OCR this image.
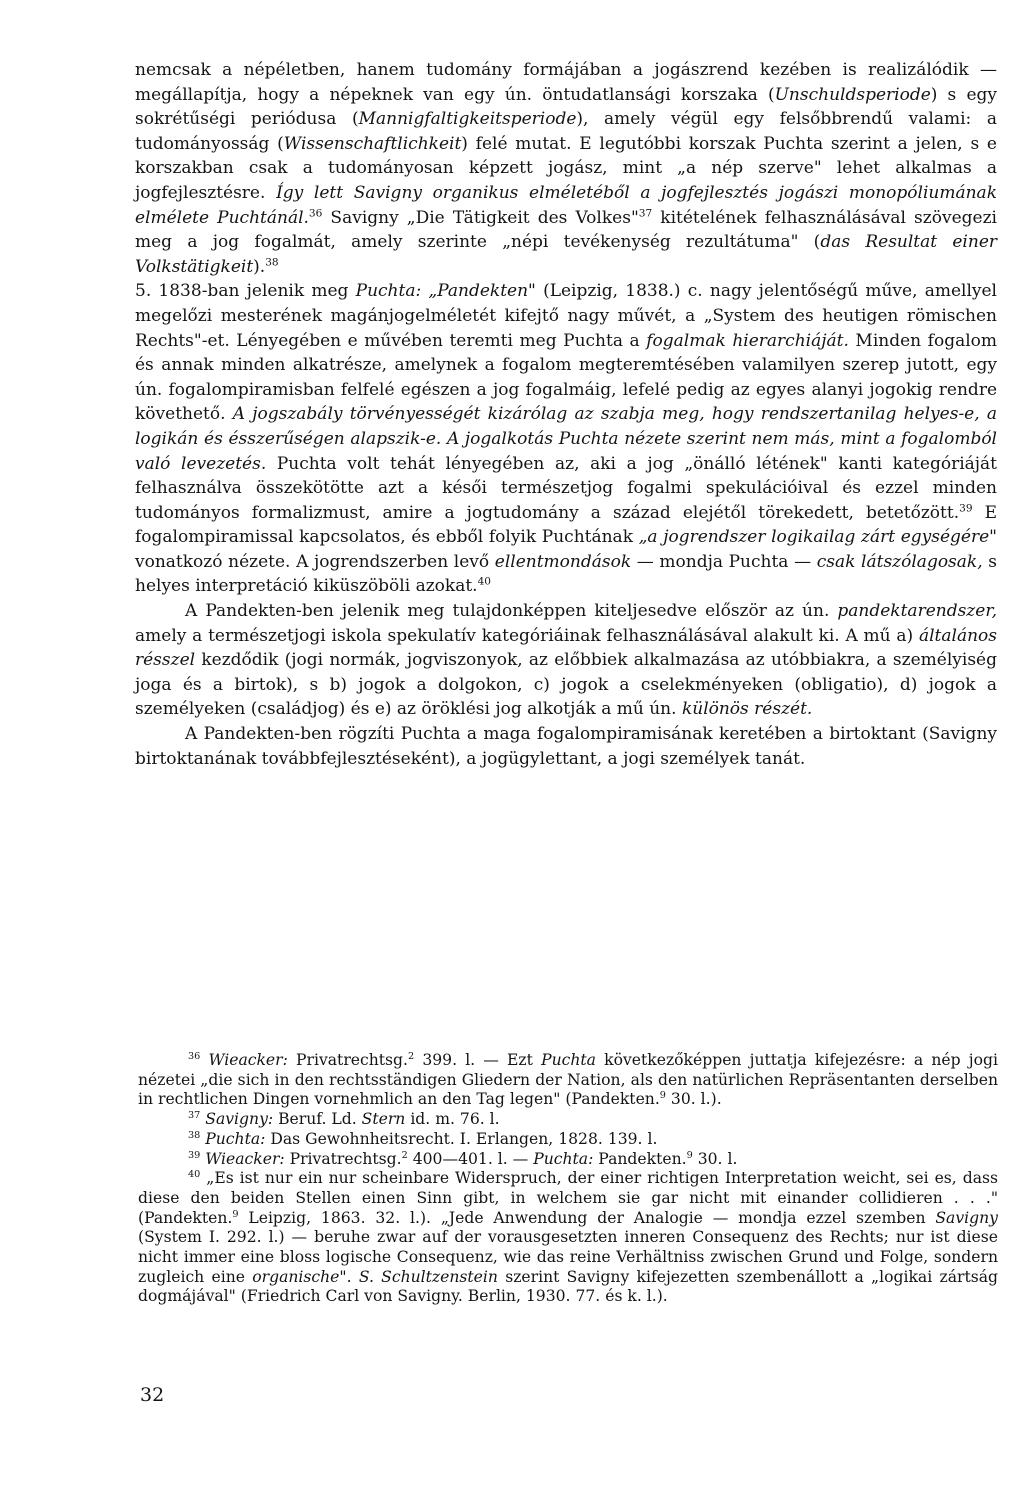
nemcsak a népéletben, hanem tudomány formájában a jogászrend kezében is realizálódik — megállapítja, hogy a népeknek van egy ún. öntudatlansági korszaka (Unschuldsperiode) s egy sokrétűségi periódusa (Mannigfaltigkeitsperiode), amely végül egy felsőbbrendű valami: a tudományosság (Wissenschaftlichkeit) felé mutat. E legutóbbi korszak Puchta szerint a jelen, s e korszakban csak a tudományosan képzett jogász, mint „a nép szerve" lehet alkalmas a jogfejlesztésre. Így lett Savigny organikus elméletéből a jogfejlesztés jogászi monopóliumának elmélete Puchtánál.$^{36}$ Savigny „Die Tätigkeit des Volkes"$^{37}$ kitételének felhasználásával szövegezi meg a jog fogalmát, amely szerinte „népi tevékenység rezultátuma" (das Resultat einer Volkstätigkeit).$^{38}$

5. 1838-ban jelenik meg Puchta: „Pandekten" (Leipzig, 1838.) c. nagy jelentőségű műve, amellyel megelőzi mesterének magánjogelméletét kifejtő nagy művét, a „System des heutigen römischen Rechts"-et. Lényegében e művében teremti meg Puchta a fogalmak hierarchiáját. Minden fogalom és annak minden alkatrésze, amelynek a fogalom megteremtésében valamilyen szerep jutott, egy ún. fogalompiramisban felfelé egészen a jog fogalmáig, lefelé pedig az egyes alanyi jogokig rendre követhető. A jogszabály törvényességét kizárólag az szabja meg, hogy rendszertanilag helyes-e, a logikán és ésszerűségen alapszik-e. A jogalkotás Puchta nézete szerint nem más, mint a fogalomból való levezetés. Puchta volt tehát lényegében az, aki a jog „önálló létének" kanti kategóriáját felhasználva összekötötte azt a késői természetjog fogalmi spekulációival és ezzel minden tudományos formalizmust, amire a jogtudomány a század elejétől törekedett, betetőzött.$^{39}$ E fogalompiramissal kapcsolatos, és ebből folyik Puchtának „a jogrendszer logikailag zárt egységére" vonatkozó nézete. A jogrendszerben levő ellentmondások — mondja Puchta — csak látszólagosak, s helyes interpretáció kiküszöböli azokat.$^{40}$

A Pandekten-ben jelenik meg tulajdonképpen kiteljesedve először az ún. pandektarendszer, amely a természetjogi iskola spekulatív kategóriáinak felhasználásával alakult ki. A mű a) általános résszel kezdődik (jogi normák, jogviszonyok, az előbbiek alkalmazása az utóbbiakra, a személyiség joga és a birtok), s b) jogok a dolgokon, c) jogok a cselekményeken (obligatio), d) jogok a személyeken (családjog) és e) az öröklési jog alkotják a mű ún. különös részét.

A Pandekten-ben rögzíti Puchta a maga fogalompiramisának keretében a birtoktant (Savigny birtoktanának továbbfejlesztéseként), a jogügylettant, a jogi személyek tanát.

$^{36}$ Wieacker: Privatrechtsg.$^2$ 399. l. — Ezt Puchta következőképpen juttatja kifejezésre: a nép jogi nézetei „die sich in den rechtsständigen Gliedern der Nation, als den natürlichen Repräsentanten derselben in rechtlichen Dingen vornehmlich an den Tag legen" (Pandekten.$^9$ 30. l.).

$^{37}$ Savigny: Beruf. Ld. Stern id. m. 76. l.

$^{38}$ Puchta: Das Gewohnheitsrecht. I. Erlangen, 1828. 139. l.

$^{39}$ Wieacker: Privatrechtsg.$^2$ 400—401. l. — Puchta: Pandekten.$^9$ 30. l.

$^{40}$ „Es ist nur ein nur scheinbare Widerspruch, der einer richtigen Interpretation weicht, sei es, dass diese den beiden Stellen einen Sinn gibt, in welchem sie gar nicht mit einander collidieren . . ." (Pandekten.$^9$ Leipzig, 1863. 32. l.). „Jede Anwendung der Analogie — mondja ezzel szemben Savigny (System I. 292. l.) — beruhe zwar auf der vorausgesetzten inneren Consequenz des Rechts; nur ist diese nicht immer eine bloss logische Consequenz, wie das reine Verhältniss zwischen Grund und Folge, sondern zugleich eine organische". S. Schultzenstein szerint Savigny kifejezetten szembenállott a „logikai zártság dogmájával" (Friedrich Carl von Savigny. Berlin, 1930. 77. és k. l.).

32
